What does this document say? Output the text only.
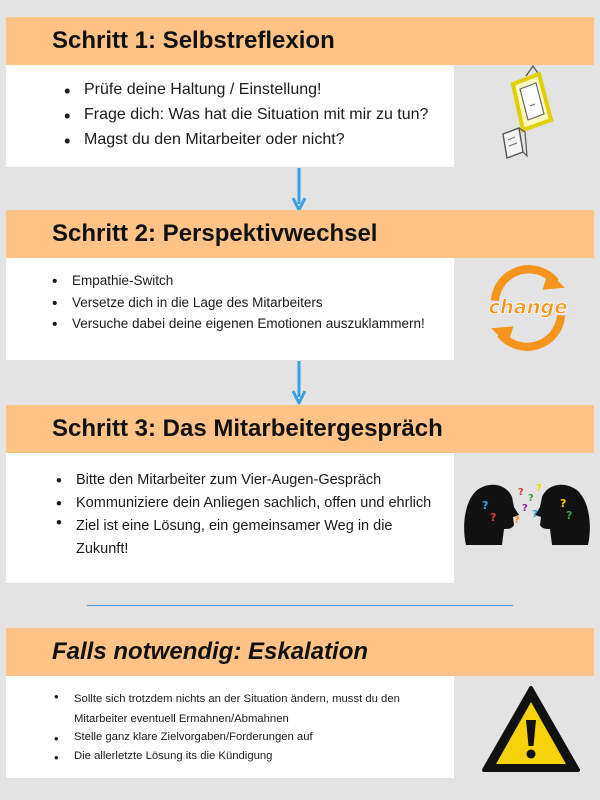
Schritt 1: Selbstreflexion
• Prüfe deine Haltung / Einstellung!
• Frage dich: Was hat die Situation mit mir zu tun?
• Magst du den Mitarbeiter oder nicht?
Schritt 2: Perspektivwechsel
• Empathie-Switch
• Versetze dich in die Lage des Mitarbeiters
• Versuche dabei deine eigenen Emotionen auszuklammern!
change
Schritt 3: Das Mitarbeitergespräch
• Bitte den Mitarbeiter zum Vier-Augen-Gespräch
• Kommuniziere dein Anliegen sachlich, offen und ehrlich
• Ziel ist eine Lösung, ein gemeinsamer Weg in die Zukunft!
?
?
?
?
?
?
?
?
?
?
Falls notwendig: Eskalation
• Sollte sich trotzdem nichts an der Situation ändern, musst du den Mitarbeiter eventuell Ermahnen/Abmahnen
• Stelle ganz klare Zielvorgaben/Forderungen auf
• Die allerletzte Lösung its die Kündigung
